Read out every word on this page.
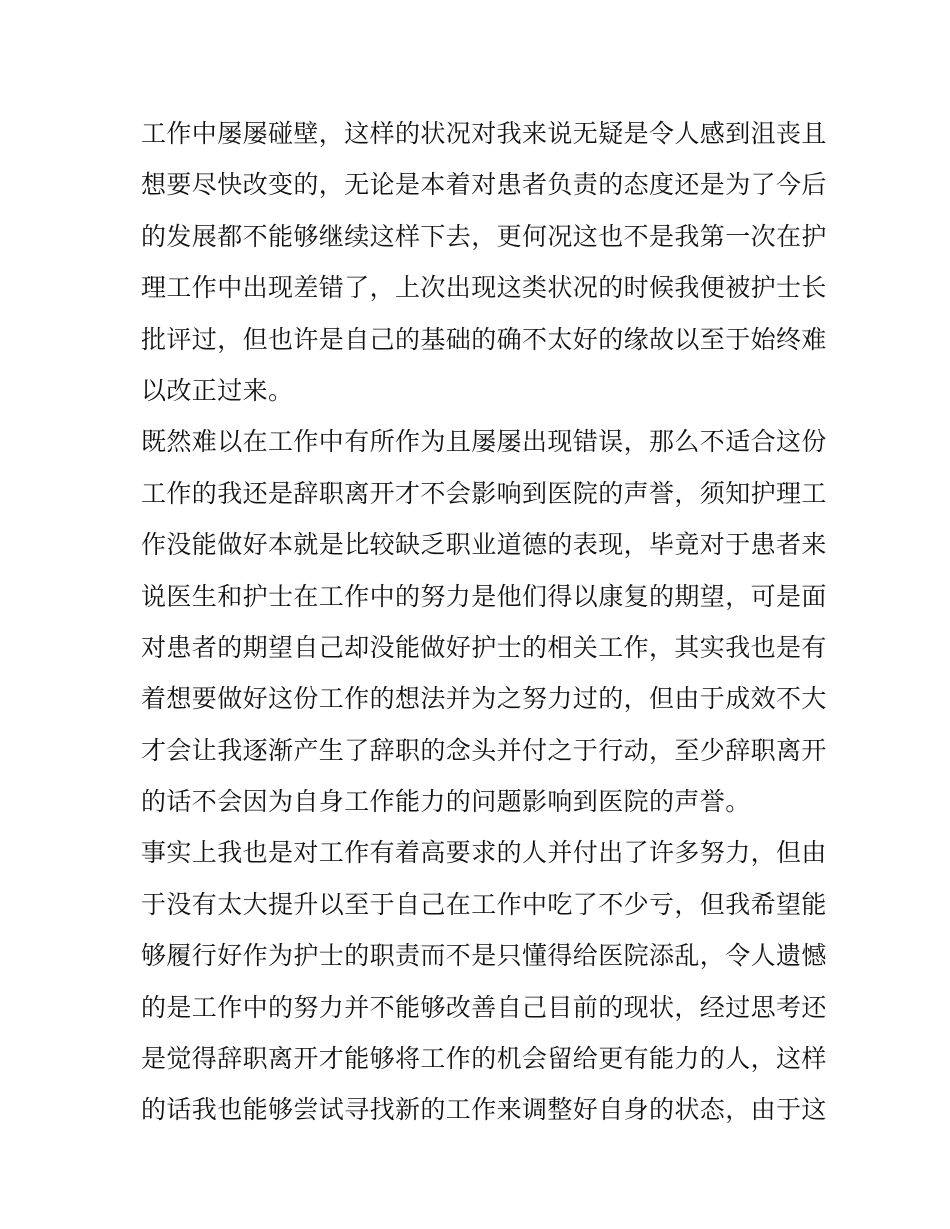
工作中屡屡碰壁，这样的状况对我来说无疑是令人感到沮丧且
想要尽快改变的，无论是本着对患者负责的态度还是为了今后
的发展都不能够继续这样下去，更何况这也不是我第一次在护
理工作中出现差错了，上次出现这类状况的时候我便被护士长
批评过，但也许是自己的基础的确不太好的缘故以至于始终难
以改正过来。
既然难以在工作中有所作为且屡屡出现错误，那么不适合这份
工作的我还是辞职离开才不会影响到医院的声誉，须知护理工
作没能做好本就是比较缺乏职业道德的表现，毕竟对于患者来
说医生和护士在工作中的努力是他们得以康复的期望，可是面
对患者的期望自己却没能做好护士的相关工作，其实我也是有
着想要做好这份工作的想法并为之努力过的，但由于成效不大
才会让我逐渐产生了辞职的念头并付之于行动，至少辞职离开
的话不会因为自身工作能力的问题影响到医院的声誉。
事实上我也是对工作有着高要求的人并付出了许多努力，但由
于没有太大提升以至于自己在工作中吃了不少亏，但我希望能
够履行好作为护士的职责而不是只懂得给医院添乱，令人遗憾
的是工作中的努力并不能够改善自己目前的现状，经过思考还
是觉得辞职离开才能够将工作的机会留给更有能力的人，这样
的话我也能够尝试寻找新的工作来调整好自身的状态，由于这
